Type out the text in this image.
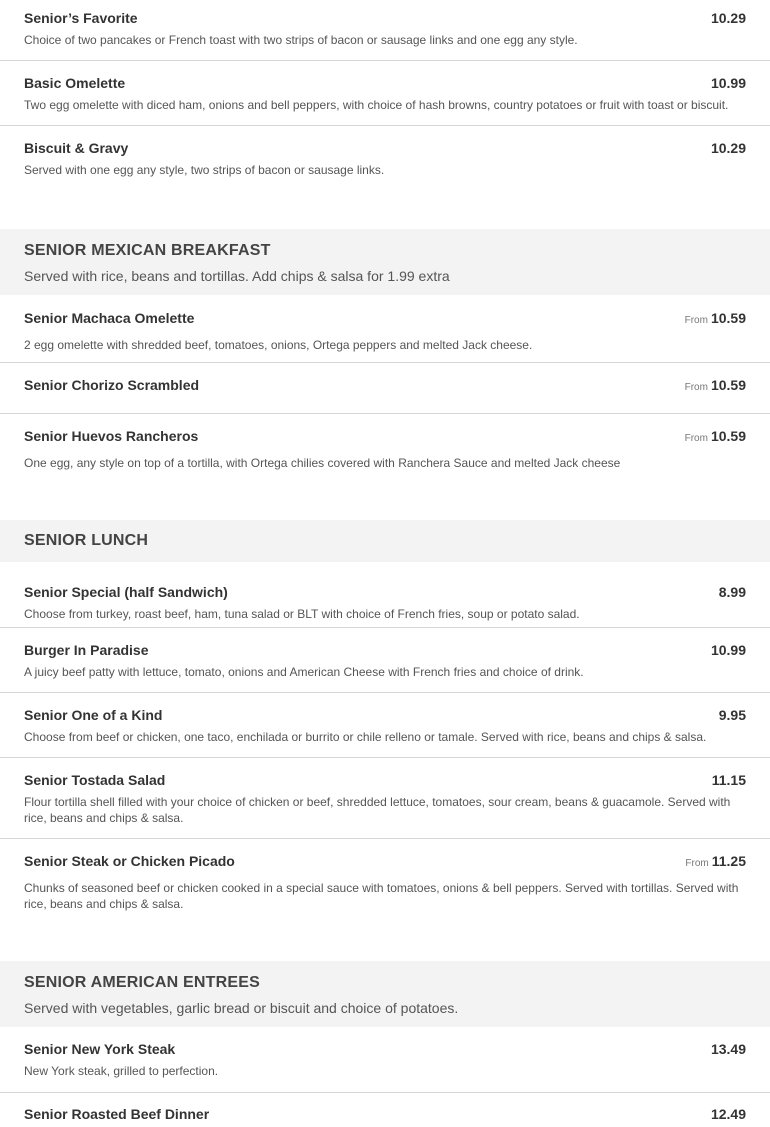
Senior’s Favorite	10.29
Choice of two pancakes or French toast with two strips of bacon or sausage links and one egg any style.
Basic Omelette	10.99
Two egg omelette with diced ham, onions and bell peppers, with choice of hash browns, country potatoes or fruit with toast or biscuit.
Biscuit & Gravy	10.29
Served with one egg any style, two strips of bacon or sausage links.
SENIOR MEXICAN BREAKFAST
Served with rice, beans and tortillas. Add chips & salsa for 1.99 extra
Senior Machaca Omelette	From 10.59
2 egg omelette with shredded beef, tomatoes, onions, Ortega peppers and melted Jack cheese.
Senior Chorizo Scrambled	From 10.59
Senior Huevos Rancheros	From 10.59
One egg, any style on top of a tortilla, with Ortega chilies covered with Ranchera Sauce and melted Jack cheese
SENIOR LUNCH
Senior Special (half Sandwich)	8.99
Choose from turkey, roast beef, ham, tuna salad or BLT with choice of French fries, soup or potato salad.
Burger In Paradise	10.99
A juicy beef patty with lettuce, tomato, onions and American Cheese with French fries and choice of drink.
Senior One of a Kind	9.95
Choose from beef or chicken, one taco, enchilada or burrito or chile relleno or tamale. Served with rice, beans and chips & salsa.
Senior Tostada Salad	11.15
Flour tortilla shell filled with your choice of chicken or beef, shredded lettuce, tomatoes, sour cream, beans & guacamole. Served with rice, beans and chips & salsa.
Senior Steak or Chicken Picado	From 11.25
Chunks of seasoned beef or chicken cooked in a special sauce with tomatoes, onions & bell peppers. Served with tortillas. Served with rice, beans and chips & salsa.
SENIOR AMERICAN ENTREES
Served with vegetables, garlic bread or biscuit and choice of potatoes.
Senior New York Steak	13.49
New York steak, grilled to perfection.
Senior Roasted Beef Dinner	12.49
